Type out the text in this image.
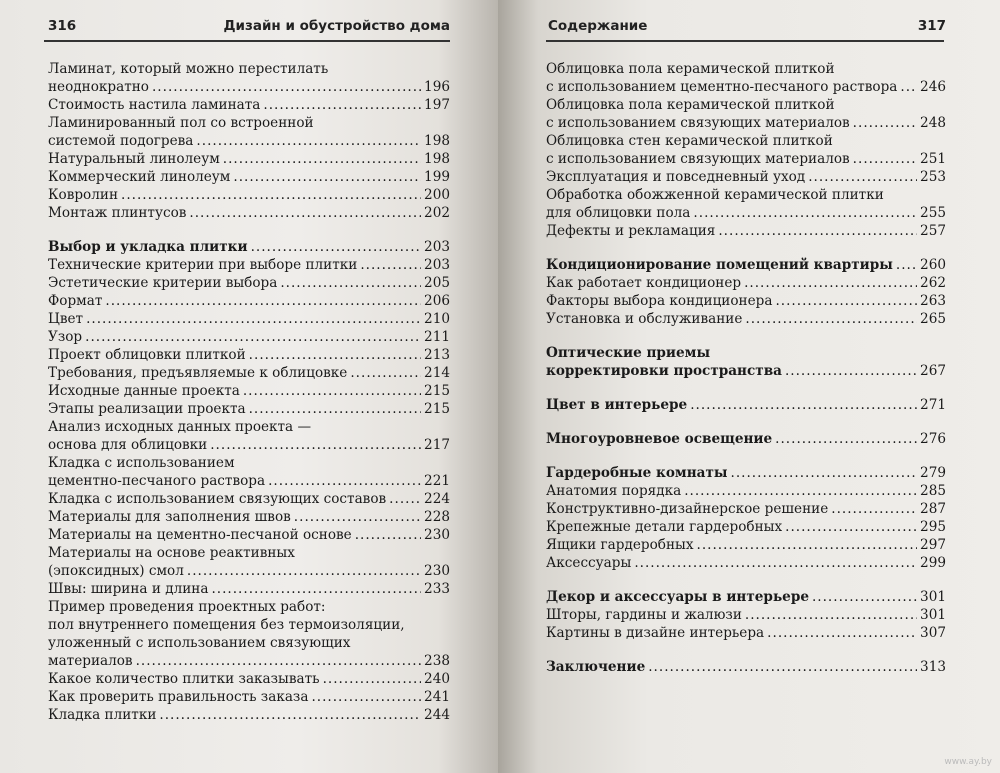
316	Дизайн и обустройство дома
Ламинат, который можно перестилать
неоднократно .....	196
Стоимость настила ламината .....	197
Ламинированный пол со встроенной
системой подогрева .....	198
Натуральный линолеум .....	198
Коммерческий линолеум .....	199
Ковролин .....	200
Монтаж плинтусов .....	202
Выбор и укладка плитки .....	203
Технические критерии при выборе плитки .....	203
Эстетические критерии выбора .....	205
Формат .....	206
Цвет .....	210
Узор .....	211
Проект облицовки плиткой .....	213
Требования, предъявляемые к облицовке .....	214
Исходные данные проекта .....	215
Этапы реализации проекта .....	215
Анализ исходных данных проекта —
основа для облицовки .....	217
Кладка с использованием
цементно-песчаного раствора .....	221
Кладка с использованием связующих составов .....	224
Материалы для заполнения швов .....	228
Материалы на цементно-песчаной основе .....	230
Материалы на основе реактивных
(эпоксидных) смол .....	230
Швы: ширина и длина .....	233
Пример проведения проектных работ:
пол внутреннего помещения без термоизоляции,
уложенный с использованием связующих
материалов .....	238
Какое количество плитки заказывать .....	240
Как проверить правильность заказа .....	241
Кладка плитки .....	244
Содержание	317
Облицовка пола керамической плиткой
с использованием цементно-песчаного раствора ..... 246
Облицовка пола керамической плиткой
с использованием связующих материалов .....	248
Облицовка стен керамической плиткой
с использованием связующих материалов .....	251
Эксплуатация и повседневный уход .....	253
Обработка обожженной керамической плитки
для облицовки пола .....	255
Дефекты и рекламация .....	257
Кондиционирование помещений квартиры ..... 260
Как работает кондиционер .....	262
Факторы выбора кондиционера .....	263
Установка и обслуживание .....	265
Оптические приемы
корректировки пространства .....	267
Цвет в интерьере .....	271
Многоуровневое освещение .....	276
Гардеробные комнаты .....	279
Анатомия порядка .....	285
Конструктивно-дизайнерское решение .....	287
Крепежные детали гардеробных .....	295
Ящики гардеробных .....	297
Аксессуары .....	299
Декор и аксессуары в интерьере .....	301
Шторы, гардины и жалюзи .....	301
Картины в дизайне интерьера .....	307
Заключение .....	313
www.ay.by
